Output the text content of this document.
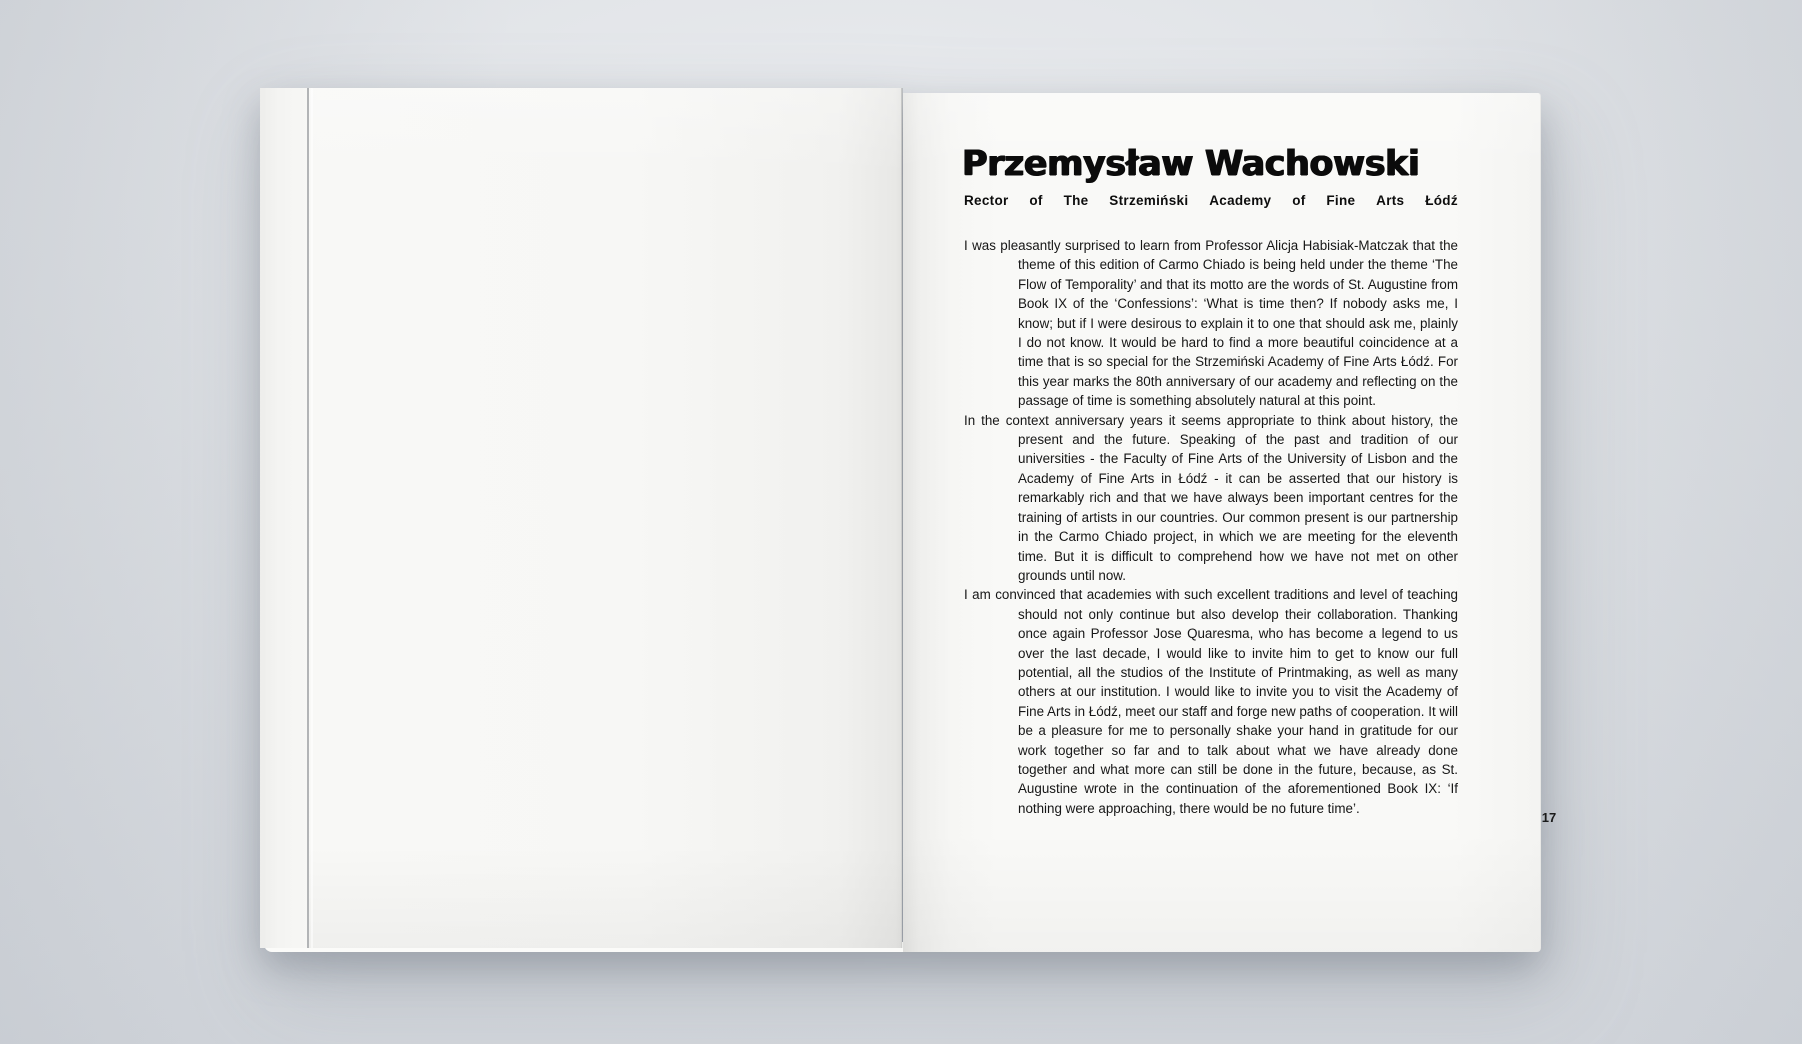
Przemysław Wachowski
Rector of The Strzemiński Academy of Fine Arts Łódź

I was pleasantly surprised to learn from Professor Alicja Habisiak-Matczak that the theme of this edition of Carmo Chiado is being held under the theme ‘The Flow of Temporality’ and that its motto are the words of St. Augustine from Book IX of the ‘Confessions’: ‘What is time then? If nobody asks me, I know; but if I were desirous to explain it to one that should ask me, plainly I do not know. It would be hard to find a more beautiful coincidence at a time that is so special for the Strzemiński Academy of Fine Arts Łódź. For this year marks the 80th anniversary of our academy and reflecting on the passage of time is something absolutely natural at this point.

In the context anniversary years it seems appropriate to think about history, the present and the future. Speaking of the past and tradition of our universities - the Faculty of Fine Arts of the University of Lisbon and the Academy of Fine Arts in Łódź - it can be asserted that our history is remarkably rich and that we have always been important centres for the training of artists in our countries. Our common present is our partnership in the Carmo Chiado project, in which we are meeting for the eleventh time. But it is difficult to comprehend how we have not met on other grounds until now.

I am convinced that academies with such excellent traditions and level of teaching should not only continue but also develop their collaboration. Thanking once again Professor Jose Quaresma, who has become a legend to us over the last decade, I would like to invite him to get to know our full potential, all the studios of the Institute of Printmaking, as well as many others at our institution. I would like to invite you to visit the Academy of Fine Arts in Łódź, meet our staff and forge new paths of cooperation. It will be a pleasure for me to personally shake your hand in gratitude for our work together so far and to talk about what we have already done together and what more can still be done in the future, because, as St. Augustine wrote in the continuation of the aforementioned Book IX: ‘If nothing were approaching, there would be no future time’.

17
